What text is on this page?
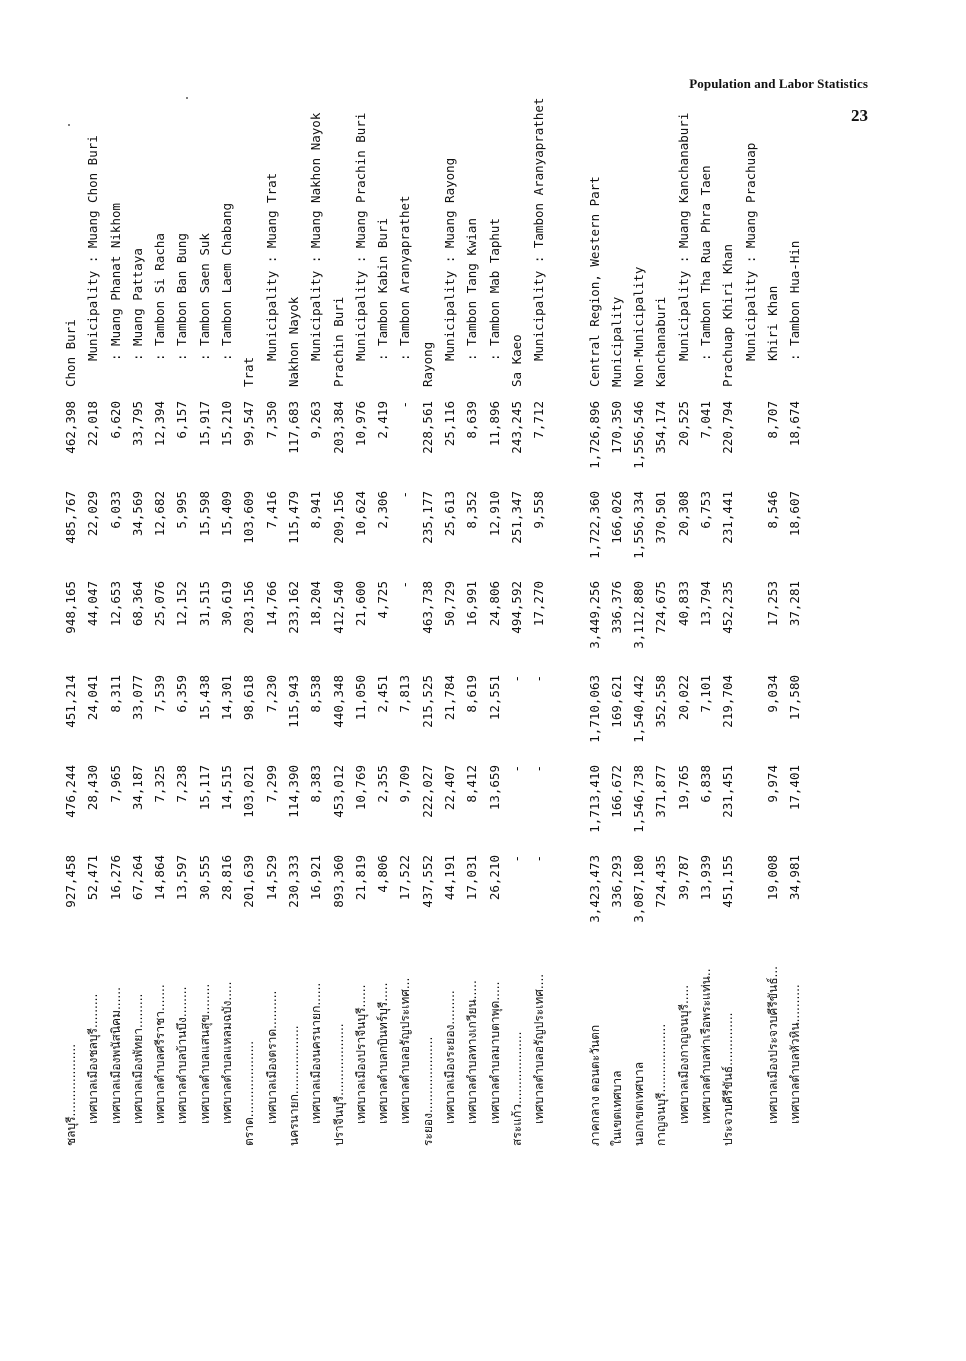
Population and Labor Statistics
23
ชลบุรี...................	927,458	476,244	451,214	948,165	485,767	462,398	Chon Buri
เทศบาลเมืองชลบุรี.........	52,471	28,430	24,041	44,047	22,029	22,018	Municipality : Muang Chon Buri
เทศบาลเมืองพนัสนิคม......	16,276	7,965	8,311	12,653	6,033	6,620	: Muang Phanat Nikhom
เทศบาลเมืองพัทยา.........	67,264	34,187	33,077	68,364	34,569	33,795	: Muang Pattaya
เทศบาลตำบลศรีราชา.......	14,864	7,325	7,539	25,076	12,682	12,394	: Tambon Si Racha
เทศบาลตำบลบ้านบึง........	13,597	7,238	6,359	12,152	5,995	6,157	: Tambon Ban Bung
เทศบาลตำบลแสนสุข........	30,555	15,117	15,438	31,515	15,598	15,917	: Tambon Saen Suk
เทศบาลตำบลแหลมฉบัง.....	28,816	14,515	14,301	30,619	15,409	15,210	: Tambon Laem Chabang
ตราด....................	201,639	103,021	98,618	203,156	103,609	99,547	Trat
เทศบาลเมืองตราด..........	14,529	7,299	7,230	14,766	7,416	7,350	Municipality : Muang Trat
นครนายก..................	230,333	114,390	115,943	233,162	115,479	117,683	Nakhon Nayok
เทศบาลเมืองนครนายก......	16,921	8,383	8,538	18,204	8,941	9,263	Municipality : Muang Nakhon Nayok
ปราจีนบุรี...................	893,360	453,012	440,348	412,540	209,156	203,384	Prachin Buri
เทศบาลเมืองปราจีนบุรี......	21,819	10,769	11,050	21,600	10,624	10,976	Municipality : Muang Prachin Buri
เทศบาลตำบลกบินทร์บุรี.....	4,806	2,355	2,451	4,725	2,306	2,419	: Tambon Kabin Buri
เทศบาลตำบลอรัญประเทศ...	17,522	9,709	7,813	-	-	-	: Tambon Aranyaprathet
ระยอง....................	437,552	222,027	215,525	463,738	235,177	228,561	Rayong
เทศบาลเมืองระยอง.........	44,191	22,407	21,784	50,729	25,613	25,116	Municipality : Muang Rayong
เทศบาลตำบลทางเกวียน.....	17,031	8,412	8,619	16,991	8,352	8,639	: Tambon Tang Kwian
เทศบาลตำบลมาบตาพุด.....	26,210	13,659	12,551	24,806	12,910	11,896	: Tambon Mab Taphut
สระแก้ว...................	-	-	-	494,592	251,347	243,245	Sa Kaeo
เทศบาลตำบลอรัญประเทศ....	-	-	-	17,270	9,558	7,712	Municipality : Tambon Aranyaprathet

ภาคกลาง ตอนตะวันตก	3,423,473	1,713,410	1,710,063	3,449,256	1,722,360	1,726,896	Central Region, Western Part
ในเขตเทศบาล	336,293	166,672	169,621	336,376	166,026	170,350	Municipality
นอกเขตเทศบาล	3,087,180	1,546,738	1,540,442	3,112,880	1,556,334	1,556,546	Non-Municipality
กาญจนบุรี..................	724,435	371,877	352,558	724,675	370,501	354,174	Kanchanaburi
เทศบาลเมืองกาญจนบุรี.....	39,787	19,765	20,022	40,833	20,308	20,525	Municipality : Muang Kanchanaburi
เทศบาลตำบลท่าเรือพระแท่น..	13,939	6,838	7,101	13,794	6,753	7,041	: Tambon Tha Rua Phra Taen
ประจวบคีรีขันธ์..............	451,155	231,451	219,704	452,235	231,441	220,794	Prachuap Khiri Khan
							Municipality : Muang Prachuap
เทศบาลเมืองประจวบคีรีขันธ์...	19,008	9,974	9,034	17,253	8,546	8,707	Khiri Khan
เทศบาลตำบลหัวหิน..........	34,981	17,401	17,580	37,281	18,607	18,674	: Tambon Hua-Hin
